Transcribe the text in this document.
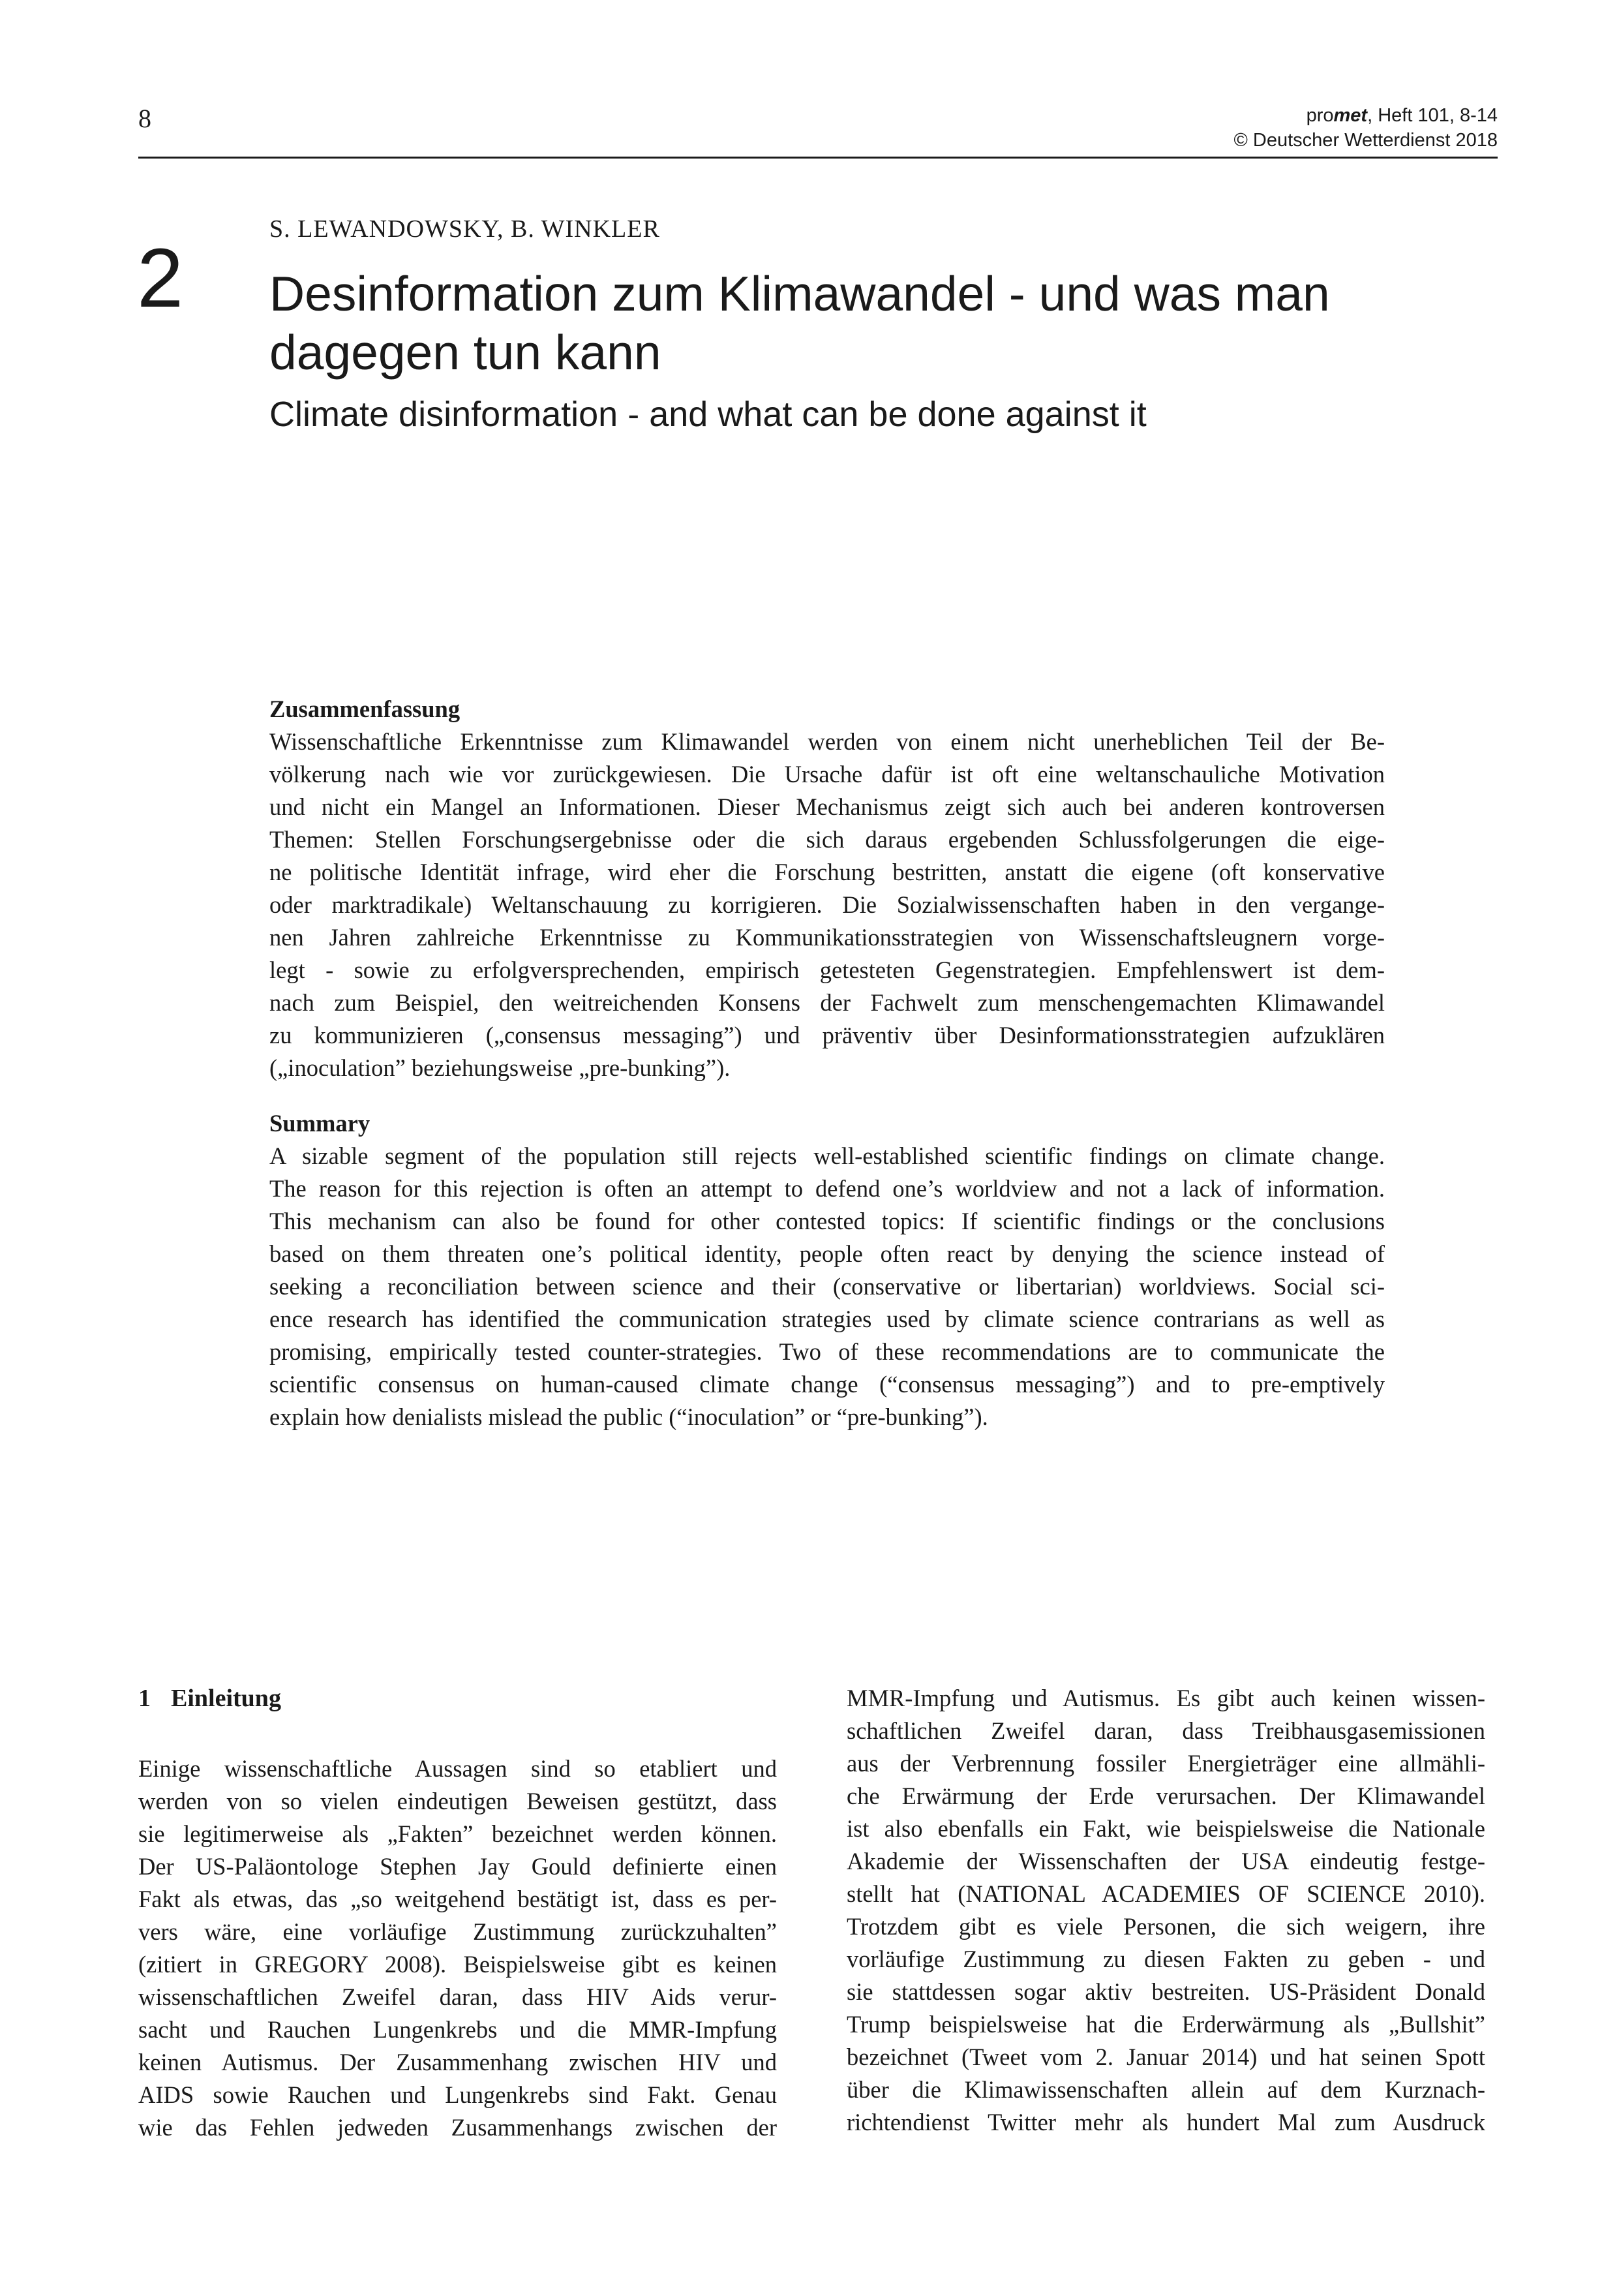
8	promet, Heft 101, 8-14
© Deutscher Wetterdienst 2018
2
S. LEWANDOWSKY, B. WINKLER
Desinformation zum Klimawandel - und was man
dagegen tun kann
Climate disinformation - and what can be done against it
Zusammenfassung
Wissenschaftliche Erkenntnisse zum Klimawandel werden von einem nicht unerheblichen Teil der Be-
völkerung nach wie vor zurückgewiesen. Die Ursache dafür ist oft eine weltanschauliche Motivation
und nicht ein Mangel an Informationen. Dieser Mechanismus zeigt sich auch bei anderen kontroversen
Themen: Stellen Forschungsergebnisse oder die sich daraus ergebenden Schlussfolgerungen die eige-
ne politische Identität infrage, wird eher die Forschung bestritten, anstatt die eigene (oft konservative
oder marktradikale) Weltanschauung zu korrigieren. Die Sozialwissenschaften haben in den vergange-
nen Jahren zahlreiche Erkenntnisse zu Kommunikationsstrategien von Wissenschaftsleugnern vorge-
legt - sowie zu erfolgversprechenden, empirisch getesteten Gegenstrategien. Empfehlenswert ist dem-
nach zum Beispiel, den weitreichenden Konsens der Fachwelt zum menschengemachten Klimawandel
zu kommunizieren („consensus messaging”) und präventiv über Desinformationsstrategien aufzuklären
(„inoculation” beziehungsweise „pre-bunking”).
Summary
A sizable segment of the population still rejects well-established scientific findings on climate change.
The reason for this rejection is often an attempt to defend one’s worldview and not a lack of information.
This mechanism can also be found for other contested topics: If scientific findings or the conclusions
based on them threaten one’s political identity, people often react by denying the science instead of
seeking a reconciliation between science and their (conservative or libertarian) worldviews. Social sci-
ence research has identified the communication strategies used by climate science contrarians as well as
promising, empirically tested counter-strategies. Two of these recommendations are to communicate the
scientific consensus on human-caused climate change (“consensus messaging”) and to pre-emptively
explain how denialists mislead the public (“inoculation” or “pre-bunking”).
1 Einleitung
Einige wissenschaftliche Aussagen sind so etabliert und
werden von so vielen eindeutigen Beweisen gestützt, dass
sie legitimerweise als „Fakten” bezeichnet werden können.
Der US-Paläontologe Stephen Jay Gould definierte einen
Fakt als etwas, das „so weitgehend bestätigt ist, dass es per-
vers wäre, eine vorläufige Zustimmung zurückzuhalten”
(zitiert in GREGORY 2008). Beispielsweise gibt es keinen
wissenschaftlichen Zweifel daran, dass HIV Aids verur-
sacht und Rauchen Lungenkrebs und die MMR-Impfung
keinen Autismus. Der Zusammenhang zwischen HIV und
AIDS sowie Rauchen und Lungenkrebs sind Fakt. Genau
wie das Fehlen jedweden Zusammenhangs zwischen der
MMR-Impfung und Autismus. Es gibt auch keinen wissen-
schaftlichen Zweifel daran, dass Treibhausgasemissionen
aus der Verbrennung fossiler Energieträger eine allmähli-
che Erwärmung der Erde verursachen. Der Klimawandel
ist also ebenfalls ein Fakt, wie beispielsweise die Nationale
Akademie der Wissenschaften der USA eindeutig festge-
stellt hat (NATIONAL ACADEMIES OF SCIENCE 2010).
Trotzdem gibt es viele Personen, die sich weigern, ihre
vorläufige Zustimmung zu diesen Fakten zu geben - und
sie stattdessen sogar aktiv bestreiten. US-Präsident Donald
Trump beispielsweise hat die Erderwärmung als „Bullshit”
bezeichnet (Tweet vom 2. Januar 2014) und hat seinen Spott
über die Klimawissenschaften allein auf dem Kurznach-
richtendienst Twitter mehr als hundert Mal zum Ausdruck
